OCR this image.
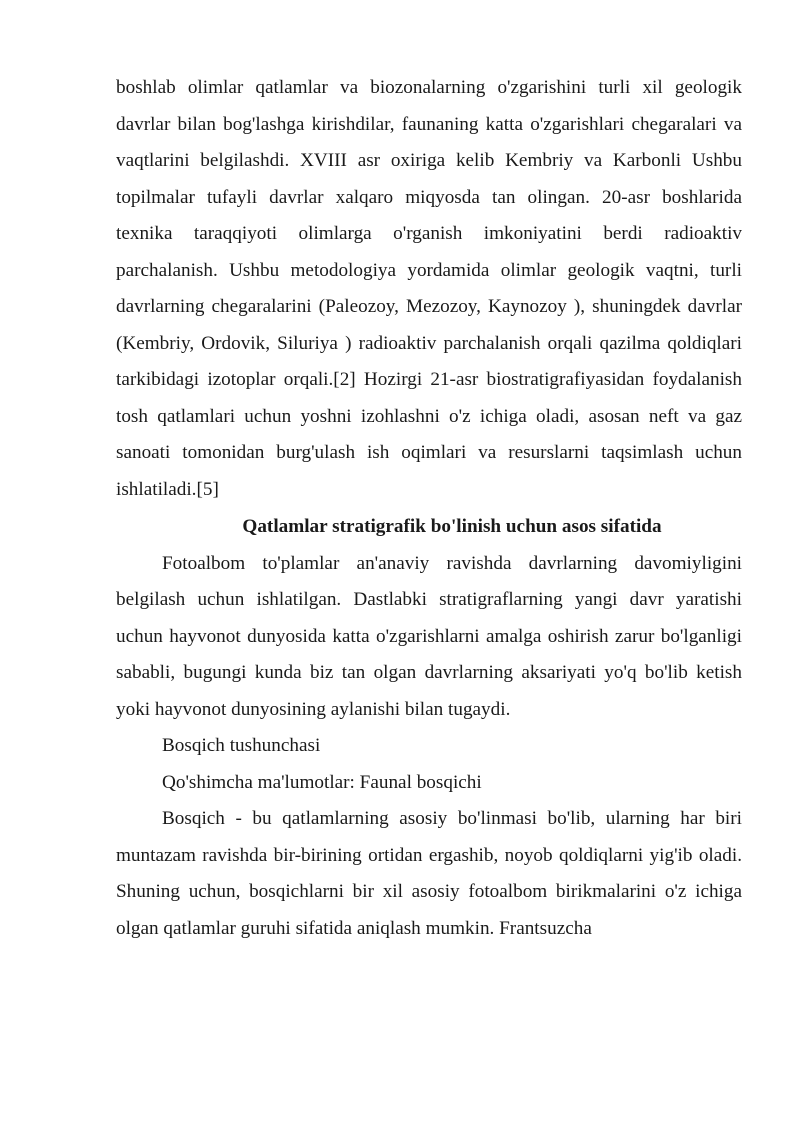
boshlab olimlar qatlamlar va biozonalarning o'zgarishini turli xil geologik davrlar bilan bog'lashga kirishdilar, faunaning katta o'zgarishlari chegaralari va vaqtlarini belgilashdi. XVIII asr oxiriga kelib Kembriy va Karbonli Ushbu topilmalar tufayli davrlar xalqaro miqyosda tan olingan. 20-asr boshlarida texnika taraqqiyoti olimlarga o'rganish imkoniyatini berdi radioaktiv parchalanish. Ushbu metodologiya yordamida olimlar geologik vaqtni, turli davrlarning chegaralarini (Paleozoy, Mezozoy, Kaynozoy ), shuningdek davrlar (Kembriy, Ordovik, Siluriya ) radioaktiv parchalanish orqali qazilma qoldiqlari tarkibidagi izotoplar orqali.[2] Hozirgi 21-asr biostratigrafiyasidan foydalanish tosh qatlamlari uchun yoshni izohlashni o'z ichiga oladi, asosan neft va gaz sanoati tomonidan burg'ulash ish oqimlari va resurslarni taqsimlash uchun ishlatiladi.[5]

Qatlamlar stratigrafik bo'linish uchun asos sifatida

Fotoalbom to'plamlar an'anaviy ravishda davrlarning davomiyligini belgilash uchun ishlatilgan. Dastlabki stratigraflarning yangi davr yaratishi uchun hayvonot dunyosida katta o'zgarishlarni amalga oshirish zarur bo'lganligi sababli, bugungi kunda biz tan olgan davrlarning aksariyati yo'q bo'lib ketish yoki hayvonot dunyosining aylanishi bilan tugaydi.

Bosqich tushunchasi

Qo'shimcha ma'lumotlar: Faunal bosqichi

Bosqich - bu qatlamlarning asosiy bo'linmasi bo'lib, ularning har biri muntazam ravishda bir-birining ortidan ergashib, noyob qoldiqlarni yig'ib oladi. Shuning uchun, bosqichlarni bir xil asosiy fotoalbom birikmalarini o'z ichiga olgan qatlamlar guruhi sifatida aniqlash mumkin. Frantsuzcha
